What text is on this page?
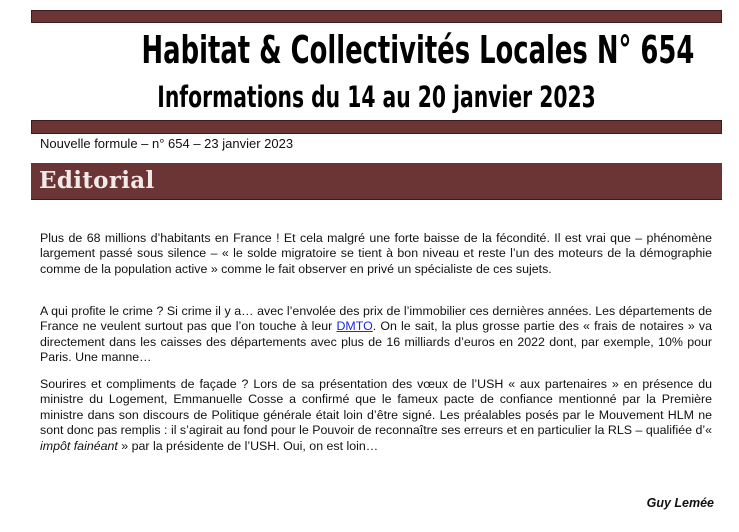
Habitat & Collectivités Locales N° 654
Informations du 14 au 20 janvier 2023
Nouvelle formule – n° 654 – 23 janvier 2023
Editorial
Plus de 68 millions d’habitants en France ! Et cela malgré une forte baisse de la fécondité. Il est vrai que – phénomène largement passé sous silence – « le solde migratoire se tient à bon niveau et reste l’un des moteurs de la démographie comme de la population active » comme le fait observer en privé un spécialiste de ces sujets.
A qui profite le crime ? Si crime il y a… avec l’envolée des prix de l’immobilier ces dernières années. Les départements de France ne veulent surtout pas que l’on touche à leur DMTO. On le sait, la plus grosse partie des « frais de notaires » va directement dans les caisses des départements avec plus de 16 milliards d’euros en 2022 dont, par exemple, 10% pour Paris. Une manne…
Sourires et compliments de façade ? Lors de sa présentation des vœux de l’USH « aux partenaires » en présence du ministre du Logement, Emmanuelle Cosse a confirmé que le fameux pacte de confiance mentionné par la Première ministre dans son discours de Politique générale était loin d’être signé. Les préalables posés par le Mouvement HLM ne sont donc pas remplis : il s’agirait au fond pour le Pouvoir de reconnaître ses erreurs et en particulier la RLS – qualifiée d’« impôt fainéant » par la présidente de l’USH. Oui, on est loin…
Guy Lemée
